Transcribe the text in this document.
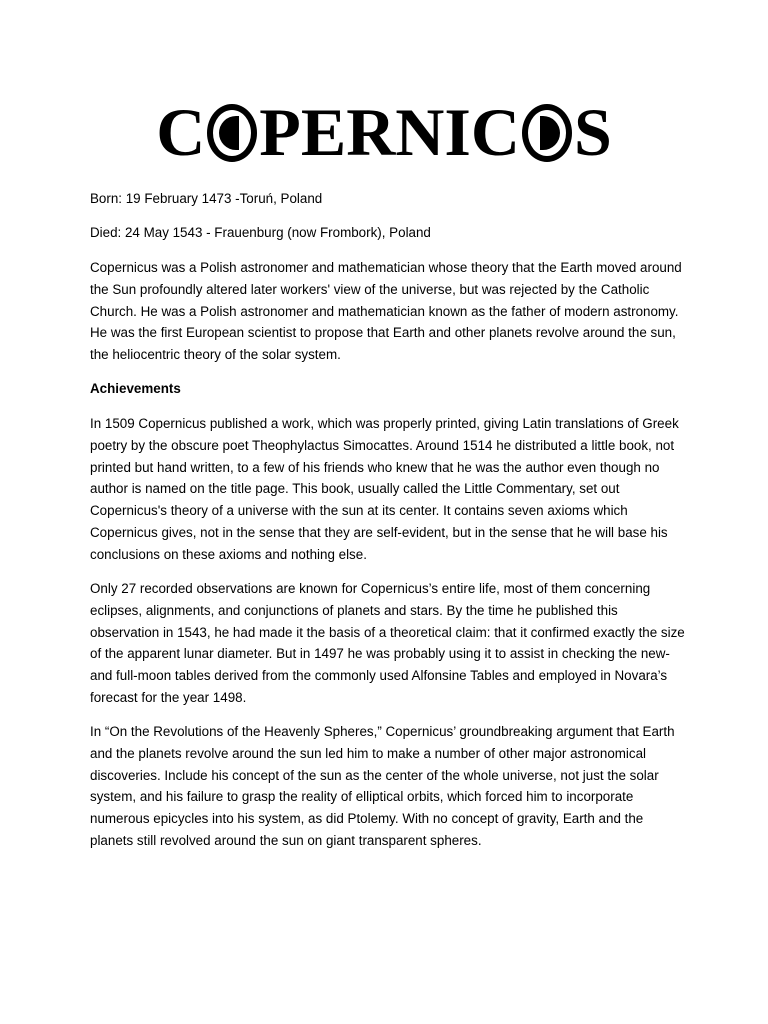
C PERNIC S

Born: 19 February 1473 -Toruń, Poland

Died: 24 May 1543 - Frauenburg (now Frombork), Poland

Copernicus was a Polish astronomer and mathematician whose theory that the Earth moved around the Sun profoundly altered later workers' view of the universe, but was rejected by the Catholic Church. He was a Polish astronomer and mathematician known as the father of modern astronomy. He was the first European scientist to propose that Earth and other planets revolve around the sun, the heliocentric theory of the solar system.

Achievements

In 1509 Copernicus published a work, which was properly printed, giving Latin translations of Greek poetry by the obscure poet Theophylactus Simocattes. Around 1514 he distributed a little book, not printed but hand written, to a few of his friends who knew that he was the author even though no author is named on the title page. This book, usually called the Little Commentary, set out Copernicus's theory of a universe with the sun at its center. It contains seven axioms which Copernicus gives, not in the sense that they are self-evident, but in the sense that he will base his conclusions on these axioms and nothing else.

Only 27 recorded observations are known for Copernicus’s entire life, most of them concerning eclipses, alignments, and conjunctions of planets and stars. By the time he published this observation in 1543, he had made it the basis of a theoretical claim: that it confirmed exactly the size of the apparent lunar diameter. But in 1497 he was probably using it to assist in checking the new- and full-moon tables derived from the commonly used Alfonsine Tables and employed in Novara’s forecast for the year 1498.

In “On the Revolutions of the Heavenly Spheres,” Copernicus’ groundbreaking argument that Earth and the planets revolve around the sun led him to make a number of other major astronomical discoveries. Include his concept of the sun as the center of the whole universe, not just the solar system, and his failure to grasp the reality of elliptical orbits, which forced him to incorporate numerous epicycles into his system, as did Ptolemy. With no concept of gravity, Earth and the planets still revolved around the sun on giant transparent spheres.
